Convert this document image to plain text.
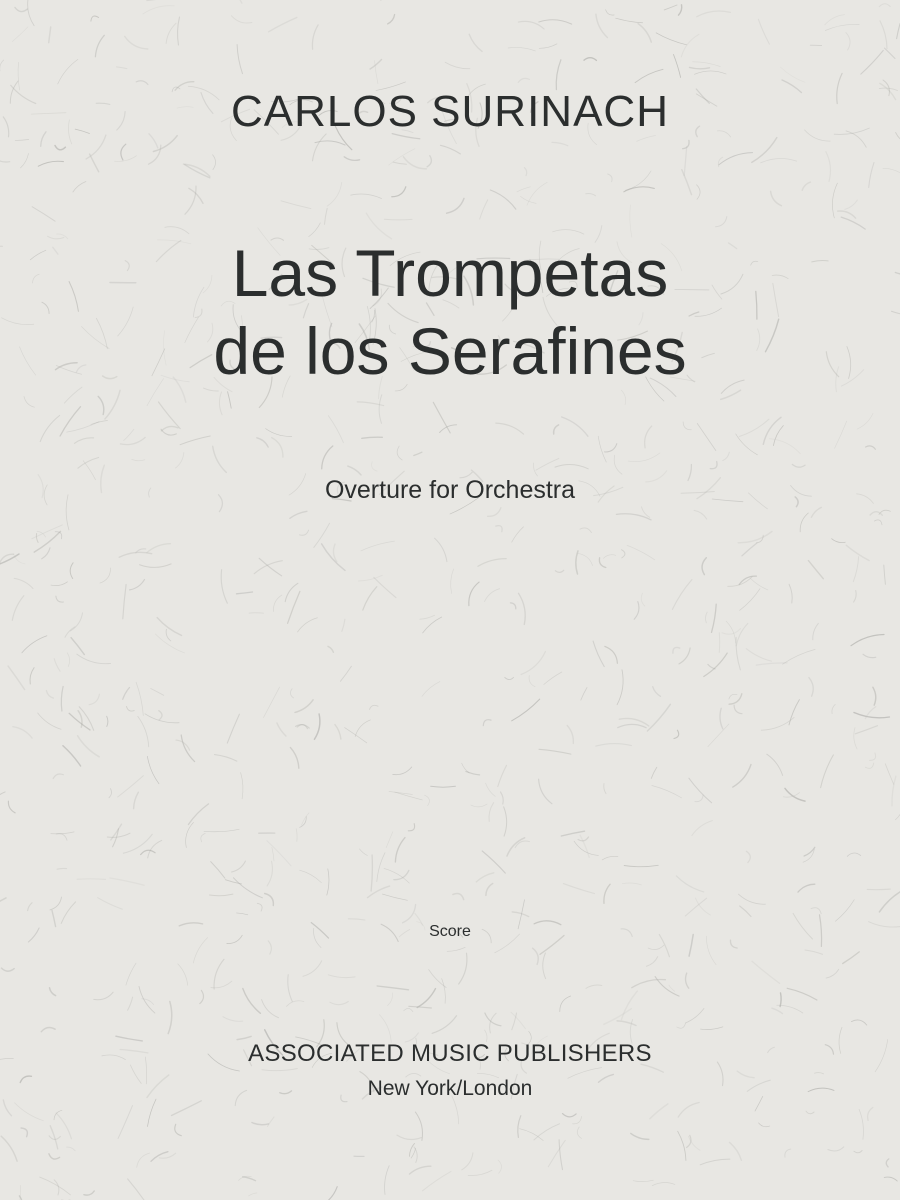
CARLOS SURINACH
Las Trompetas
de los Serafines
Overture for Orchestra
Score
ASSOCIATED MUSIC PUBLISHERS
New York/London
